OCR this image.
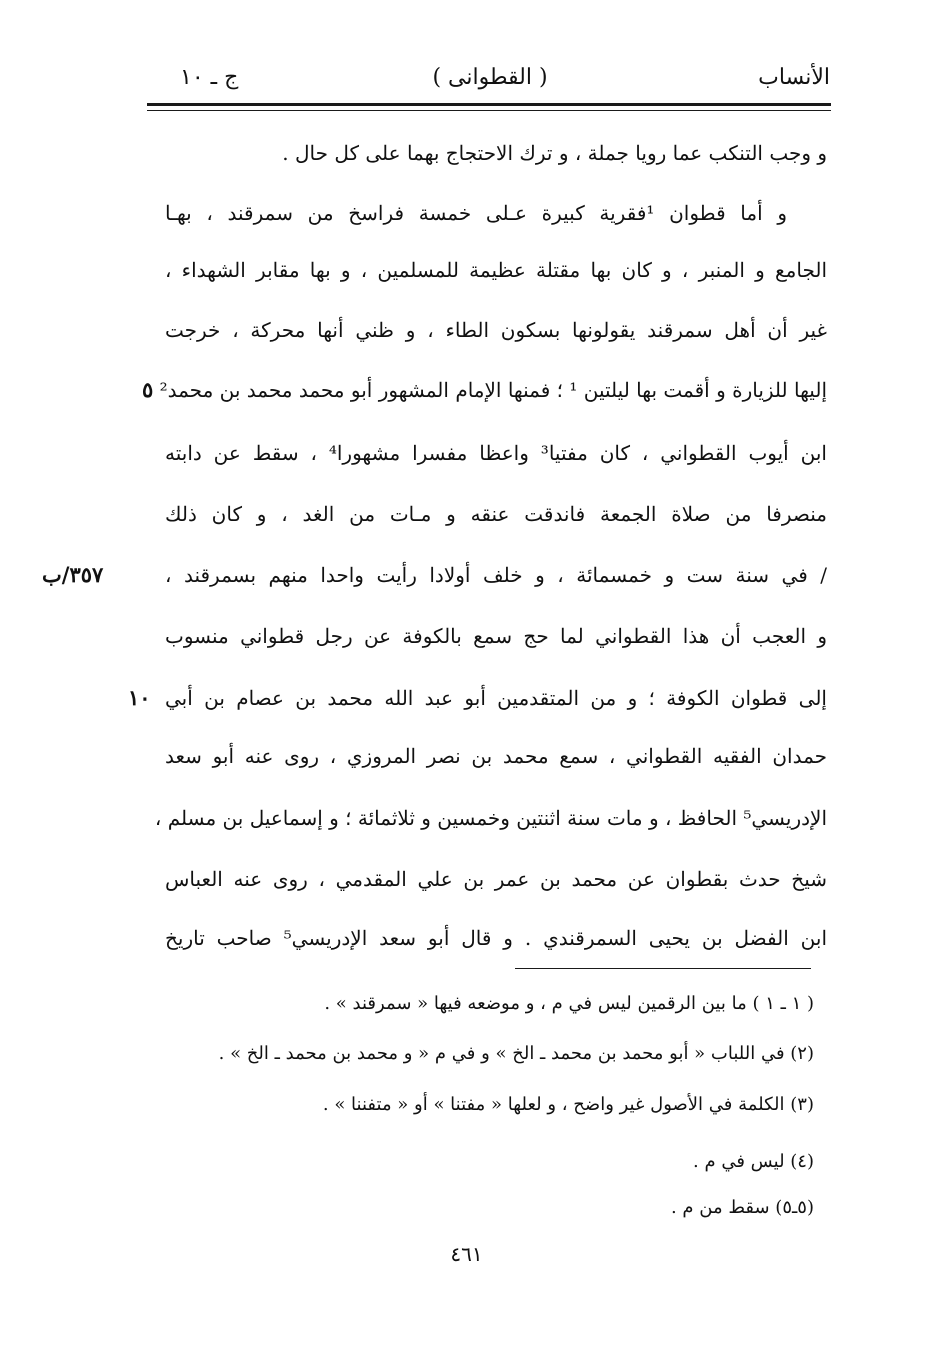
الأنساب
( القطوانی )
ج ـ ١٠
و وجب التنكب عما رويا جملة ، و ترك الاحتجاج بهما على كل حال .
و أما قطوان ¹فقرية كبيرة عـلى خمسة فراسخ من سمرقند ، بهـا
الجامع و المنبر ، و كان بها مقتلة عظيمة للمسلمين ، و بها مقابر الشهداء ،
غير أن أهل سمرقند يقولونها بسكون الطاء ، و ظني أنها محركة ، خرجت
إليها للزيارة و أقمت بها ليلتين ¹ ؛ فمنها الإمام المشهور أبو محمد محمد بن محمد²
ابن أيوب القطواني ، كان مفتيا³ واعظا مفسرا مشهورا⁴ ، سقط عن دابته
منصرفا من صلاة الجمعة فاندقت عنقه و مـات من الغد ، و كان ذلك
/ في سنة ست و خمسمائة ، و خلف أولادا رأيت واحدا منهم بسمرقند ،
و العجب أن هذا القطواني لما حج سمع بالكوفة عن رجل قطواني منسوب
إلى قطوان الكوفة ؛ و من المتقدمين أبو عبد الله محمد بن عصام بن أبي
حمدان الفقيه القطواني ، سمع محمد بن نصر المروزي ، روى عنه أبو سعد
الإدريسي⁵ الحافظ ، و مات سنة اثنتين وخمسين و ثلاثمائة ؛ و إسماعيل بن مسلم ،
شيخ حدث بقطوان عن محمد بن عمر بن علي المقدمي ، روى عنه العباس
ابن الفضل بن يحيى السمرقندي . و قال أبو سعد الإدريسي⁵ صاحب تاريخ
٥
٣٥٧/ب
١٠
( ١ ـ ١ ) ما بين الرقمين ليس في م ، و موضعه فيها « سمرقند » .
(٢) في اللباب « أبو محمد بن محمد ـ الخ » و في م « و محمد بن محمد ـ الخ » .
(٣) الكلمة في الأصول غير واضح ، و لعلها « مفتنا » أو « متفننا » .
(٤) ليس في م .
(٥ـ٥) سقط من م .
٤٦١
